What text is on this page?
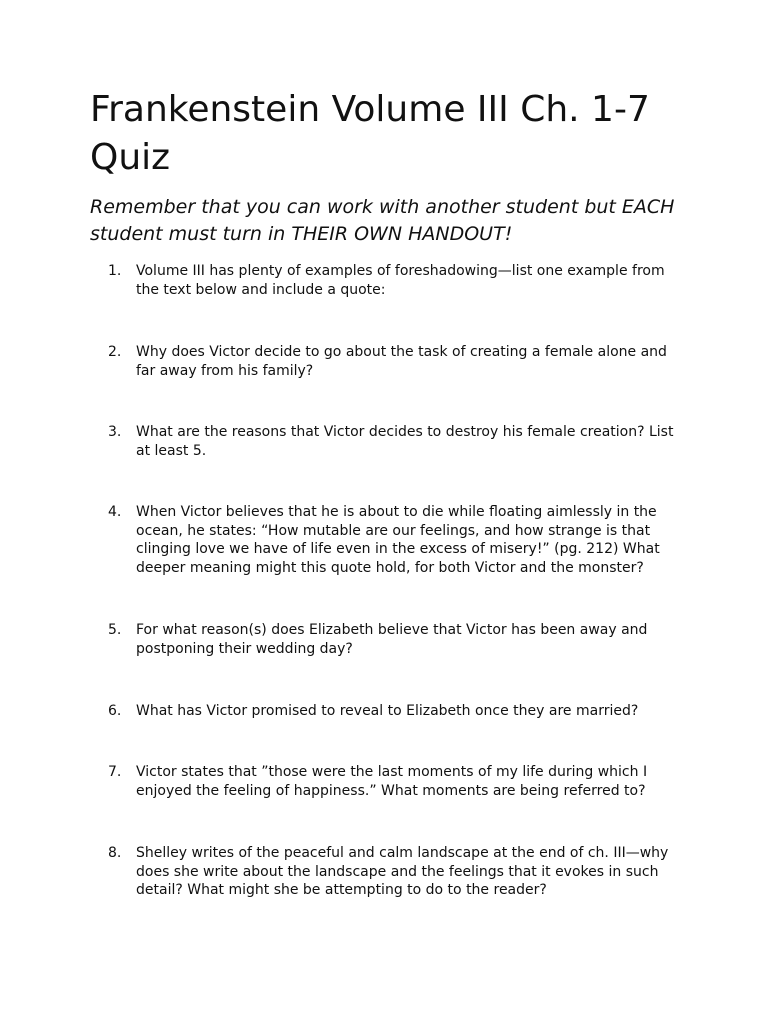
Frankenstein Volume III Ch. 1-7 Quiz

Remember that you can work with another student but EACH student must turn in THEIR OWN HANDOUT!

1.	Volume III has plenty of examples of foreshadowing—list one example from the text below and include a quote:
2.	Why does Victor decide to go about the task of creating a female alone and far away from his family?
3.	What are the reasons that Victor decides to destroy his female creation? List at least 5.
4.	When Victor believes that he is about to die while floating aimlessly in the ocean, he states: “How mutable are our feelings, and how strange is that clinging love we have of life even in the excess of misery!” (pg. 212) What deeper meaning might this quote hold, for both Victor and the monster?
5.	For what reason(s) does Elizabeth believe that Victor has been away and postponing their wedding day?
6.	What has Victor promised to reveal to Elizabeth once they are married?
7.	Victor states that ”those were the last moments of my life during which I enjoyed the feeling of happiness.” What moments are being referred to?
8.	Shelley writes of the peaceful and calm landscape at the end of ch. III—why does she write about the landscape and the feelings that it evokes in such detail? What might she be attempting to do to the reader?
